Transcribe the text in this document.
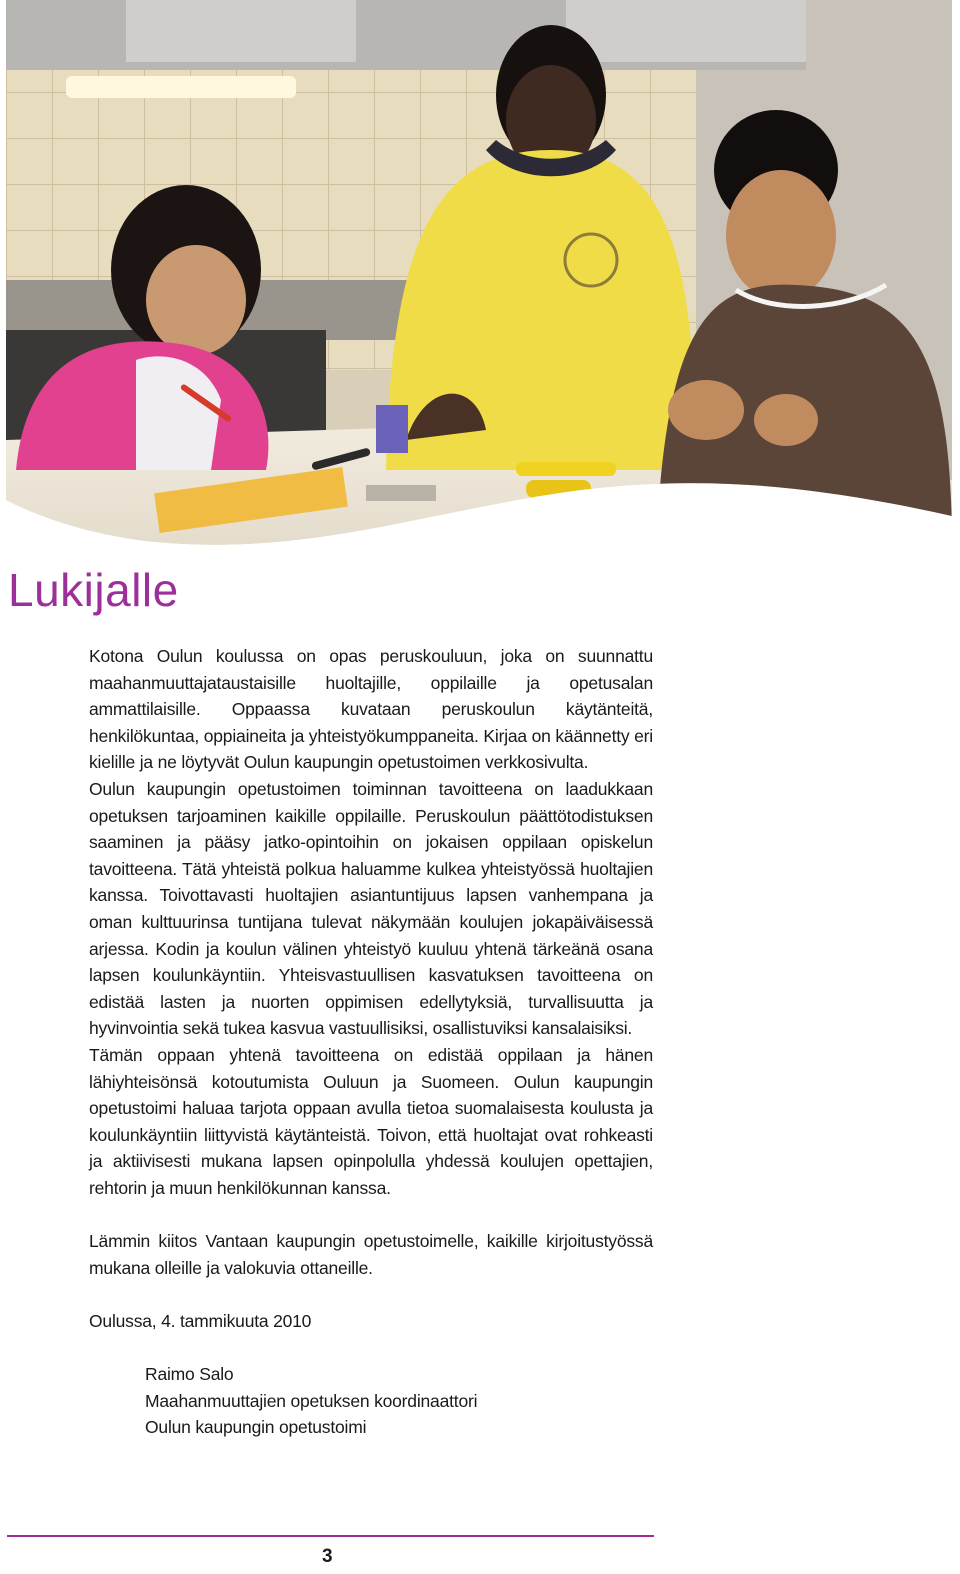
Lukijalle

Kotona Oulun koulussa on opas peruskouluun, joka on suunnattu maahanmuuttajataustaisille huoltajille, oppilaille ja opetusalan ammattilaisille. Oppaassa kuvataan peruskoulun käytänteitä, henkilökuntaa, oppiaineita ja yhteistyökumppaneita. Kirjaa on käännetty eri kielille ja ne löytyvät Oulun kaupungin opetustoimen verkkosivulta.

Oulun kaupungin opetustoimen toiminnan tavoitteena on laadukkaan opetuksen tarjoaminen kaikille oppilaille. Peruskoulun päättötodistuksen saaminen ja pääsy jatko-opintoihin on jokaisen oppilaan opiskelun tavoitteena. Tätä yhteistä polkua haluamme kulkea yhteistyössä huoltajien kanssa. Toivottavasti huoltajien asiantuntijuus lapsen vanhempana ja oman kulttuurinsa tuntijana tulevat näkymään koulujen jokapäiväisessä arjessa. Kodin ja koulun välinen yhteistyö kuuluu yhtenä tärkeänä osana lapsen koulunkäyntiin. Yhteisvastuullisen kasvatuksen tavoitteena on edistää lasten ja nuorten oppimisen edellytyksiä, turvallisuutta ja hyvinvointia sekä tukea kasvua vastuullisiksi, osallistuviksi kansalaisiksi.

Tämän oppaan yhtenä tavoitteena on edistää oppilaan ja hänen lähiyhteisönsä kotoutumista Ouluun ja Suomeen. Oulun kaupungin opetustoimi haluaa tarjota oppaan avulla tietoa suomalaisesta koulusta ja koulunkäyntiin liittyvistä käytänteistä. Toivon, että huoltajat ovat rohkeasti ja aktiivisesti mukana lapsen opinpolulla yhdessä koulujen opettajien, rehtorin ja muun henkilökunnan kanssa.

Lämmin kiitos Vantaan kaupungin opetustoimelle, kaikille kirjoitustyössä mukana olleille ja valokuvia ottaneille.

Oulussa, 4. tammikuuta 2010

Raimo Salo

Maahanmuuttajien opetuksen koordinaattori

Oulun kaupungin opetustoimi

3
